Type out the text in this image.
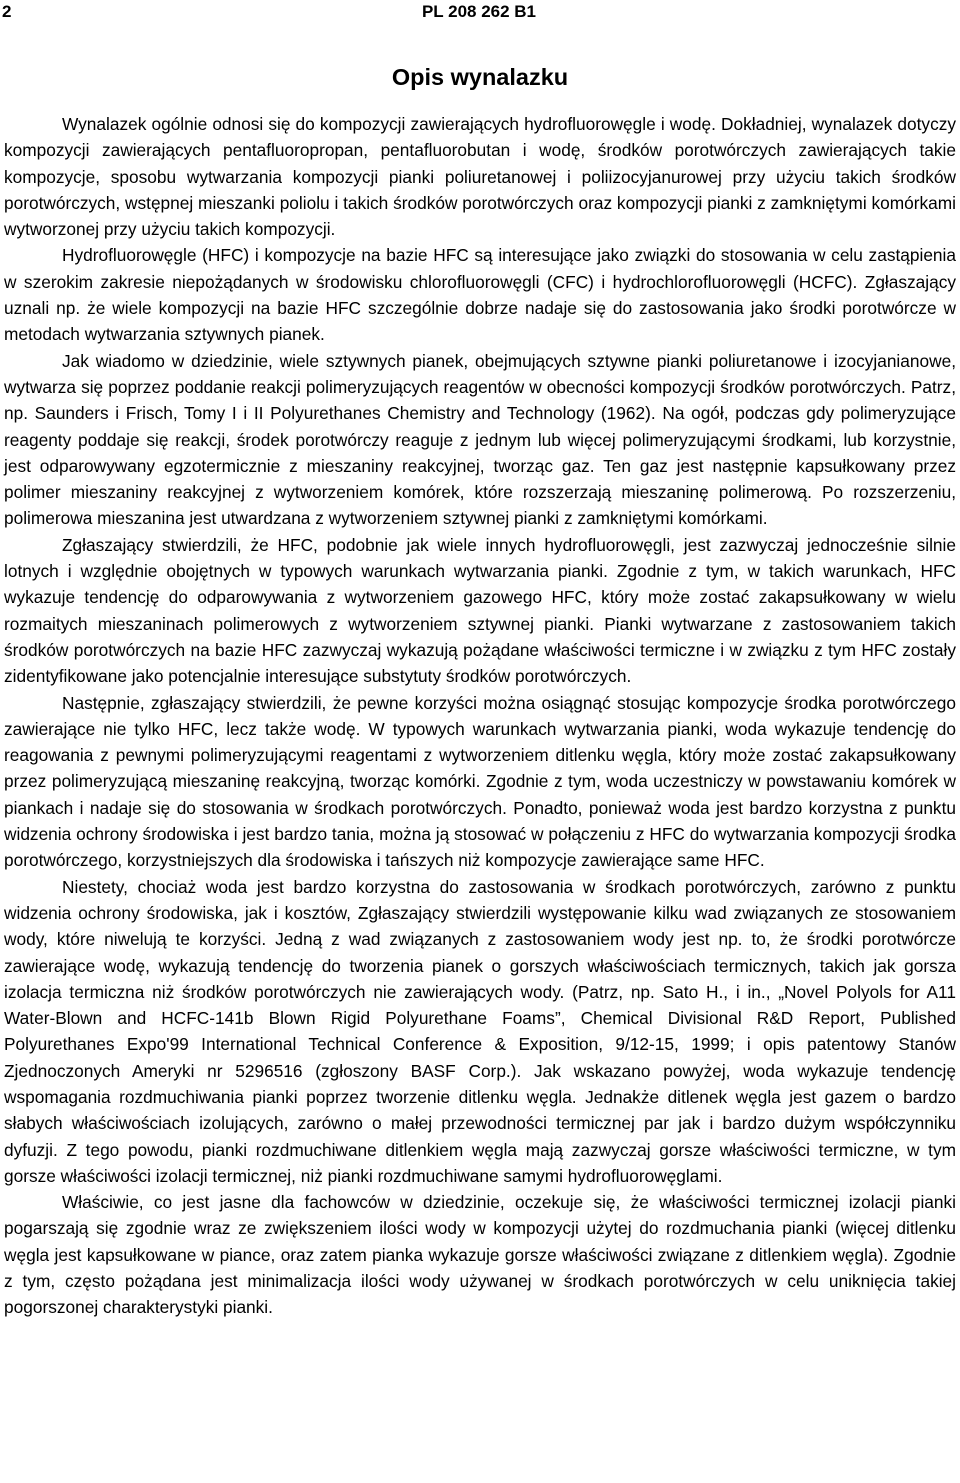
2	PL 208 262 B1
Opis wynalazku

Wynalazek ogólnie odnosi się do kompozycji zawierających hydrofluorowęgle i wodę. Dokładniej, wynalazek dotyczy kompozycji zawierających pentafluoropropan, pentafluorobutan i wodę, środków porotwórczych zawierających takie kompozycje, sposobu wytwarzania kompozycji pianki poliuretanowej i poliizocyjanurowej przy użyciu takich środków porotwórczych, wstępnej mieszanki poliolu i takich środków porotwórczych oraz kompozycji pianki z zamkniętymi komórkami wytworzonej przy użyciu takich kompozycji.

Hydrofluorowęgle (HFC) i kompozycje na bazie HFC są interesujące jako związki do stosowania w celu zastąpienia w szerokim zakresie niepożądanych w środowisku chlorofluorowęgli (CFC) i hydrochlorofluorowęgli (HCFC). Zgłaszający uznali np. że wiele kompozycji na bazie HFC szczególnie dobrze nadaje się do zastosowania jako środki porotwórcze w metodach wytwarzania sztywnych pianek.

Jak wiadomo w dziedzinie, wiele sztywnych pianek, obejmujących sztywne pianki poliuretanowe i izocyjanianowe, wytwarza się poprzez poddanie reakcji polimeryzujących reagentów w obecności kompozycji środków porotwórczych. Patrz, np. Saunders i Frisch, Tomy I i II Polyurethanes Chemistry and Technology (1962). Na ogół, podczas gdy polimeryzujące reagenty poddaje się reakcji, środek porotwórczy reaguje z jednym lub więcej polimeryzującymi środkami, lub korzystnie, jest odparowywany egzotermicznie z mieszaniny reakcyjnej, tworząc gaz. Ten gaz jest następnie kapsułkowany przez polimer mieszaniny reakcyjnej z wytworzeniem komórek, które rozszerzają mieszaninę polimerową. Po rozszerzeniu, polimerowa mieszanina jest utwardzana z wytworzeniem sztywnej pianki z zamkniętymi komórkami.

Zgłaszający stwierdzili, że HFC, podobnie jak wiele innych hydrofluorowęgli, jest zazwyczaj jednocześnie silnie lotnych i względnie obojętnych w typowych warunkach wytwarzania pianki. Zgodnie z tym, w takich warunkach, HFC wykazuje tendencję do odparowywania z wytworzeniem gazowego HFC, który może zostać zakapsułkowany w wielu rozmaitych mieszaninach polimerowych z wytworzeniem sztywnej pianki. Pianki wytwarzane z zastosowaniem takich środków porotwórczych na bazie HFC zazwyczaj wykazują pożądane właściwości termiczne i w związku z tym HFC zostały zidentyfikowane jako potencjalnie interesujące substytuty środków porotwórczych.

Następnie, zgłaszający stwierdzili, że pewne korzyści można osiągnąć stosując kompozycje środka porotwórczego zawierające nie tylko HFC, lecz także wodę. W typowych warunkach wytwarzania pianki, woda wykazuje tendencję do reagowania z pewnymi polimeryzującymi reagentami z wytworzeniem ditlenku węgla, który może zostać zakapsułkowany przez polimeryzującą mieszaninę reakcyjną, tworząc komórki. Zgodnie z tym, woda uczestniczy w powstawaniu komórek w piankach i nadaje się do stosowania w środkach porotwórczych. Ponadto, ponieważ woda jest bardzo korzystna z punktu widzenia ochrony środowiska i jest bardzo tania, można ją stosować w połączeniu z HFC do wytwarzania kompozycji środka porotwórczego, korzystniejszych dla środowiska i tańszych niż kompozycje zawierające same HFC.

Niestety, chociaż woda jest bardzo korzystna do zastosowania w środkach porotwórczych, zarówno z punktu widzenia ochrony środowiska, jak i kosztów, Zgłaszający stwierdzili występowanie kilku wad związanych ze stosowaniem wody, które niwelują te korzyści. Jedną z wad związanych z zastosowaniem wody jest np. to, że środki porotwórcze zawierające wodę, wykazują tendencję do tworzenia pianek o gorszych właściwościach termicznych, takich jak gorsza izolacja termiczna niż środków porotwórczych nie zawierających wody. (Patrz, np. Sato H., i in., „Novel Polyols for A11 Water-Blown and HCFC-141b Blown Rigid Polyurethane Foams”, Chemical Divisional R&D Report, Published Polyurethanes Expo'99 International Technical Conference & Exposition, 9/12-15, 1999; i opis patentowy Stanów Zjednoczonych Ameryki nr 5296516 (zgłoszony BASF Corp.). Jak wskazano powyżej, woda wykazuje tendencję wspomagania rozdmuchiwania pianki poprzez tworzenie ditlenku węgla. Jednakże ditlenek węgla jest gazem o bardzo słabych właściwościach izolujących, zarówno o małej przewodności termicznej par jak i bardzo dużym współczynniku dyfuzji. Z tego powodu, pianki rozdmuchiwane ditlenkiem węgla mają zazwyczaj gorsze właściwości termiczne, w tym gorsze właściwości izolacji termicznej, niż pianki rozdmuchiwane samymi hydrofluorowęglami.

Właściwie, co jest jasne dla fachowców w dziedzinie, oczekuje się, że właściwości termicznej izolacji pianki pogarszają się zgodnie wraz ze zwiększeniem ilości wody w kompozycji użytej do rozdmuchania pianki (więcej ditlenku węgla jest kapsułkowane w piance, oraz zatem pianka wykazuje gorsze właściwości związane z ditlenkiem węgla). Zgodnie z tym, często pożądana jest minimalizacja ilości wody używanej w środkach porotwórczych w celu uniknięcia takiej pogorszonej charakterystyki pianki.
